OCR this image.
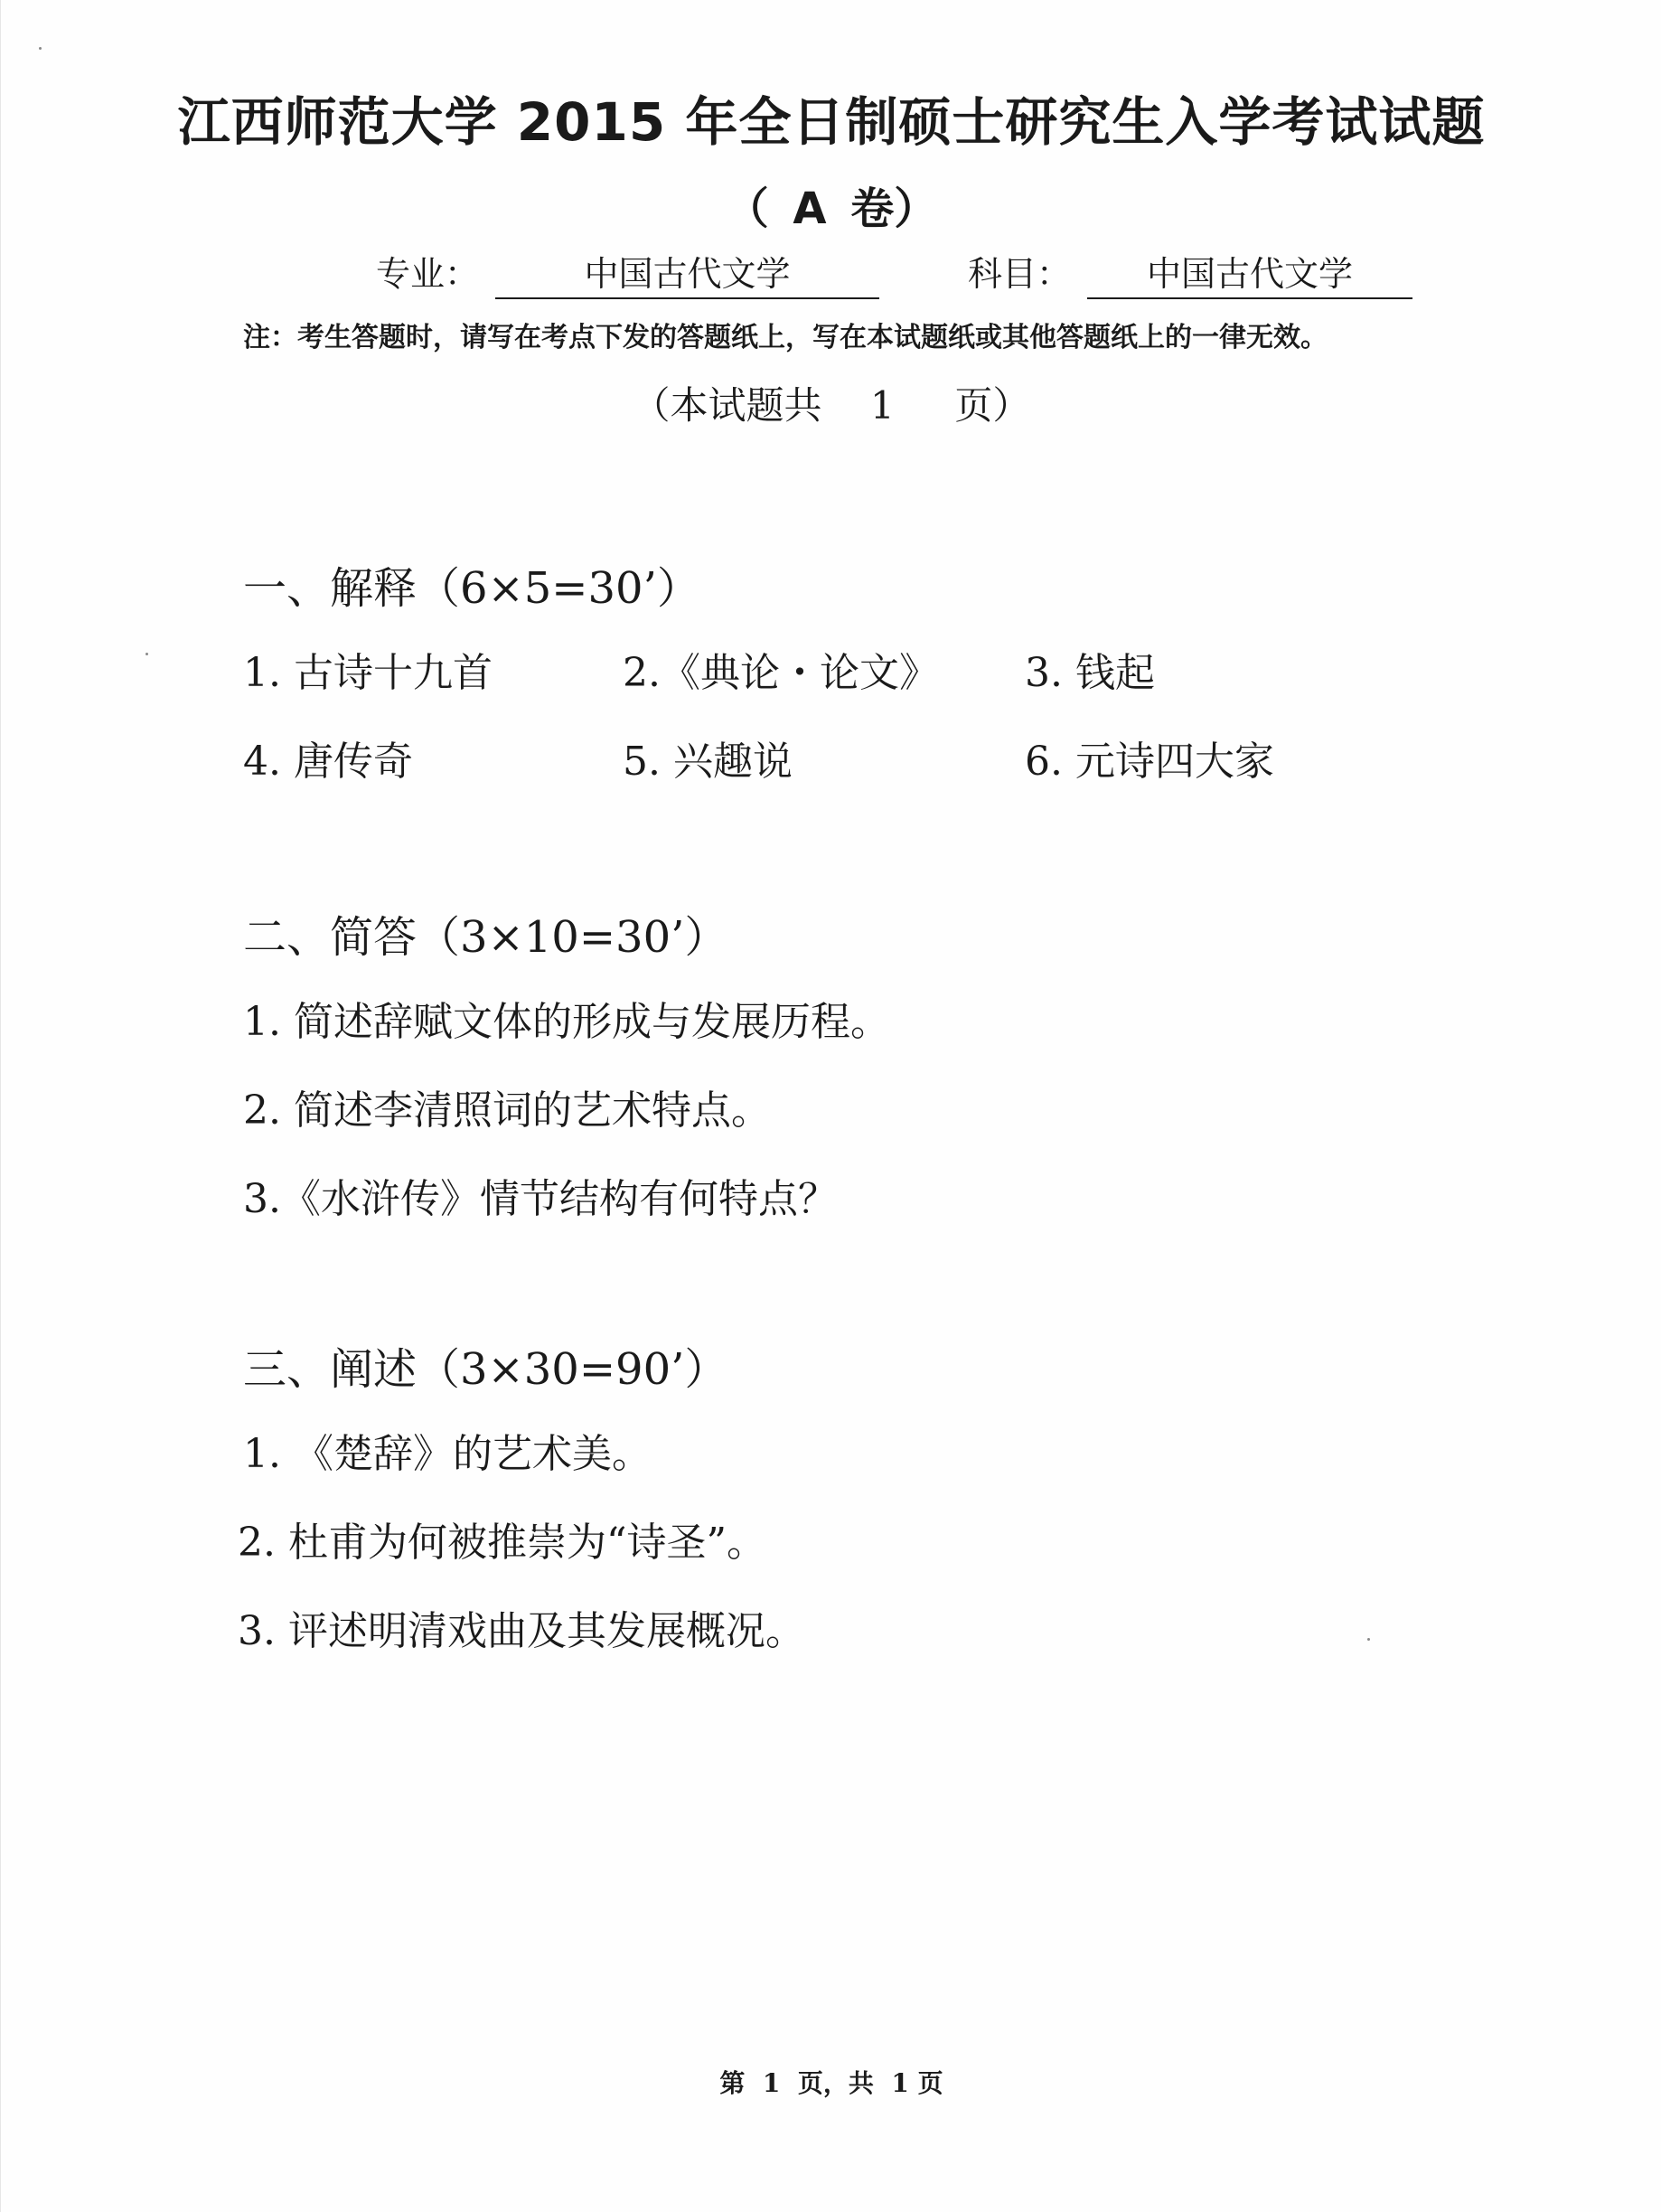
江西师范大学 2015 年全日制硕士研究生入学考试试题
（ A 卷）
专业：	中国古代文学	科目： 中国古代文学
注：考生答题时，请写在考点下发的答题纸上，写在本试题纸或其他答题纸上的一律无效。
（本试题共    1     页）
一、解释（6×5=30’）
1. 古诗十九首	2.《典论・论文》 3. 钱起
4. 唐传奇	5. 兴趣说	6. 元诗四大家
二、简答（3×10=30’）
1. 简述辞赋文体的形成与发展历程。
2. 简述李清照词的艺术特点。
3.《水浒传》情节结构有何特点？
三、阐述（3×30=90’）
1. 《楚辞》的艺术美。
2. 杜甫为何被推崇为“诗圣”。
3. 评述明清戏曲及其发展概况。
第  1  页，共  1 页
